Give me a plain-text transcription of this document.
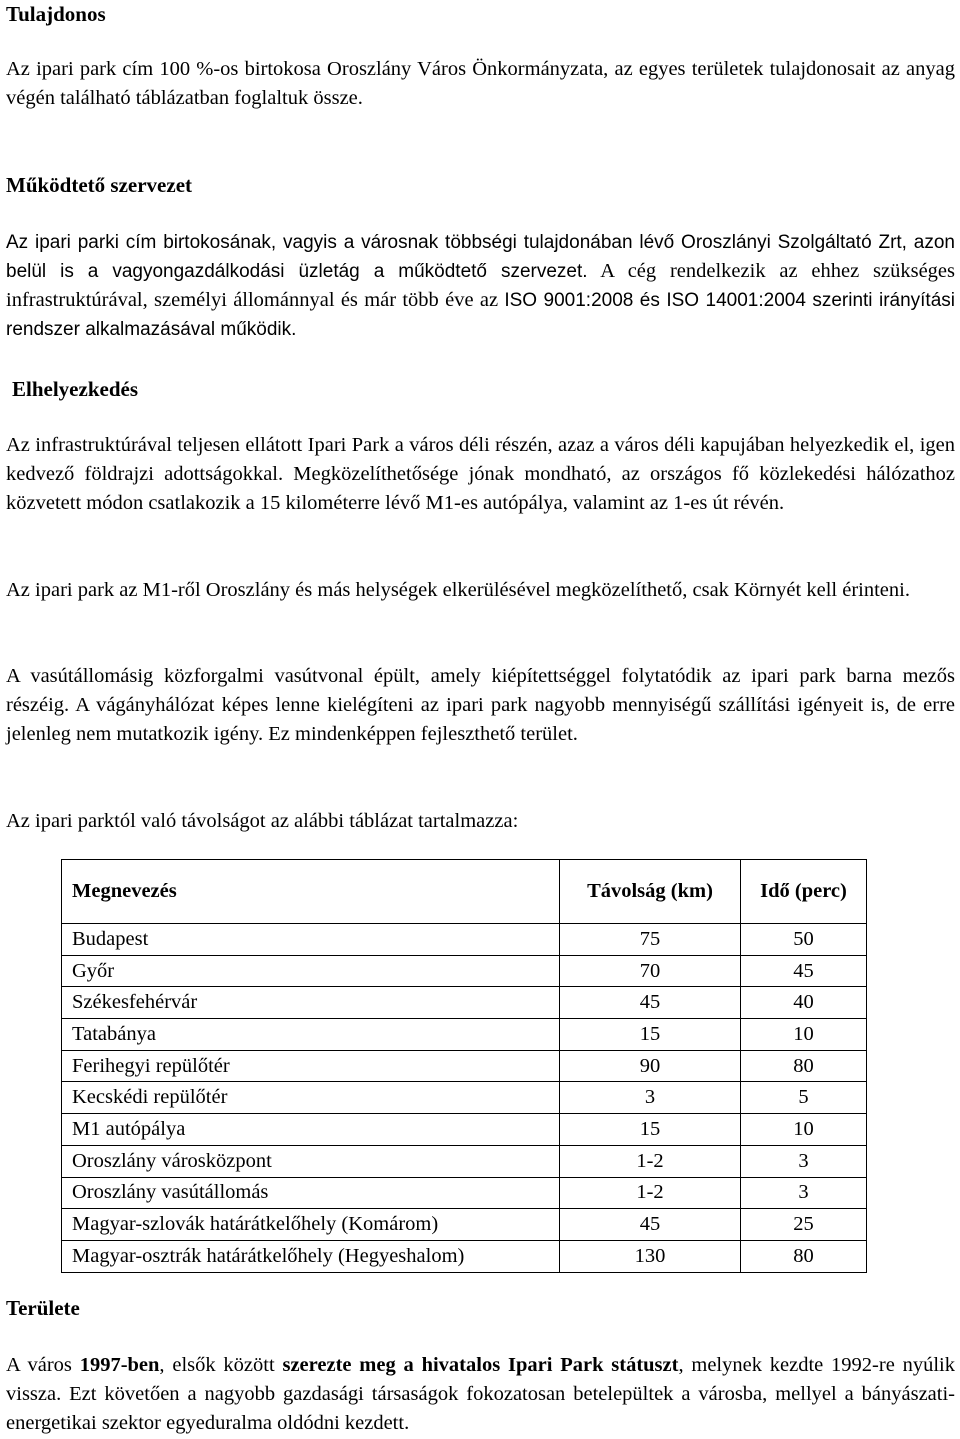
Tulajdonos

Az ipari park cím 100 %-os birtokosa Oroszlány Város Önkormányzata, az egyes területek tulajdonosait az anyag végén található táblázatban foglaltuk össze.

Működtető szervezet

Az ipari parki cím birtokosának, vagyis a városnak többségi tulajdonában lévő Oroszlányi Szolgáltató Zrt, azon belül is a vagyongazdálkodási üzletág a működtető szervezet. A cég rendelkezik az ehhez szükséges infrastruktúrával, személyi állománnyal és már több éve az ISO 9001:2008 és ISO 14001:2004 szerinti irányítási rendszer alkalmazásával működik.

Elhelyezkedés

Az infrastruktúrával teljesen ellátott Ipari Park a város déli részén, azaz a város déli kapujában helyezkedik el, igen kedvező földrajzi adottságokkal. Megközelíthetősége jónak mondható, az országos fő közlekedési hálózathoz közvetett módon csatlakozik a 15 kilométerre lévő M1-es autópálya, valamint az 1-es út révén.

Az ipari park az M1-ről Oroszlány és más helységek elkerülésével megközelíthető, csak Környét kell érinteni.

A vasútállomásig közforgalmi vasútvonal épült, amely kiépítettséggel folytatódik az ipari park barna mezős részéig. A vágányhálózat képes lenne kielégíteni az ipari park nagyobb mennyiségű szállítási igényeit is, de erre jelenleg nem mutatkozik igény. Ez mindenképpen fejleszthető terület.

Az ipari parktól való távolságot az alábbi táblázat tartalmazza:

Megnevezés	Távolság (km)	Idő (perc)
Budapest	75	50
Győr	70	45
Székesfehérvár	45	40
Tatabánya	15	10
Ferihegyi repülőtér	90	80
Kecskédi repülőtér	3	5
M1 autópálya	15	10
Oroszlány városközpont	1-2	3
Oroszlány vasútállomás	1-2	3
Magyar-szlovák határátkelőhely (Komárom)	45	25
Magyar-osztrák határátkelőhely (Hegyeshalom)	130	80
Területe

A város 1997-ben, elsők között szerezte meg a hivatalos Ipari Park státuszt, melynek kezdte 1992-re nyúlik vissza. Ezt követően a nagyobb gazdasági társaságok fokozatosan betelepültek a városba, mellyel a bányászati-energetikai szektor egyeduralma oldódni kezdett.
